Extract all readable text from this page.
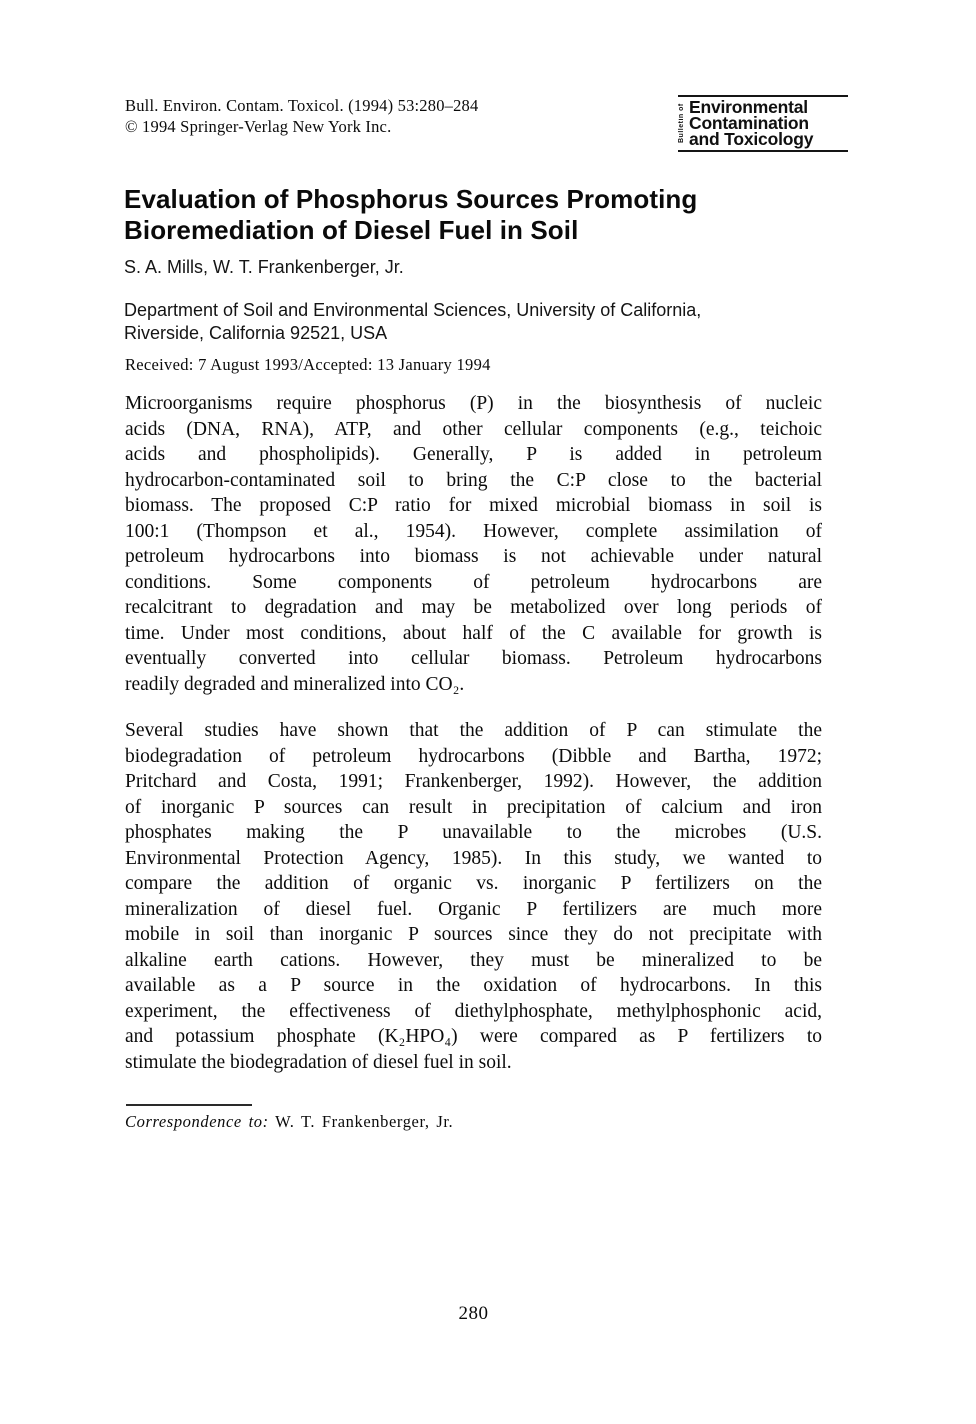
Bull. Environ. Contam. Toxicol. (1994) 53:280–284
© 1994 Springer-Verlag New York Inc.	Bulletin of Environmental
Contamination
and Toxicology
Evaluation of Phosphorus Sources Promoting
Bioremediation of Diesel Fuel in Soil
S. A. Mills, W. T. Frankenberger, Jr.
Department of Soil and Environmental Sciences, University of California,
Riverside, California 92521, USA
Received: 7 August 1993/Accepted: 13 January 1994
Microorganisms require phosphorus (P) in the biosynthesis of nucleic
acids (DNA, RNA), ATP, and other cellular components (e.g., teichoic
acids and phospholipids). Generally, P is added in petroleum
hydrocarbon-contaminated soil to bring the C:P close to the bacterial
biomass. The proposed C:P ratio for mixed microbial biomass in soil is
100:1 (Thompson et al., 1954). However, complete assimilation of
petroleum hydrocarbons into biomass is not achievable under natural
conditions. Some components of petroleum hydrocarbons are
recalcitrant to degradation and may be metabolized over long periods of
time. Under most conditions, about half of the C available for growth is
eventually converted into cellular biomass. Petroleum hydrocarbons
readily degraded and mineralized into CO₂.
Several studies have shown that the addition of P can stimulate the
biodegradation of petroleum hydrocarbons (Dibble and Bartha, 1972;
Pritchard and Costa, 1991; Frankenberger, 1992). However, the addition
of inorganic P sources can result in precipitation of calcium and iron
phosphates making the P unavailable to the microbes (U.S.
Environmental Protection Agency, 1985). In this study, we wanted to
compare the addition of organic vs. inorganic P fertilizers on the
mineralization of diesel fuel. Organic P fertilizers are much more
mobile in soil than inorganic P sources since they do not precipitate with
alkaline earth cations. However, they must be mineralized to be
available as a P source in the oxidation of hydrocarbons. In this
experiment, the effectiveness of diethylphosphate, methylphosphonic acid,
and potassium phosphate (K₂HPO₄) were compared as P fertilizers to
stimulate the biodegradation of diesel fuel in soil.
Correspondence to: W. T. Frankenberger, Jr.
280
